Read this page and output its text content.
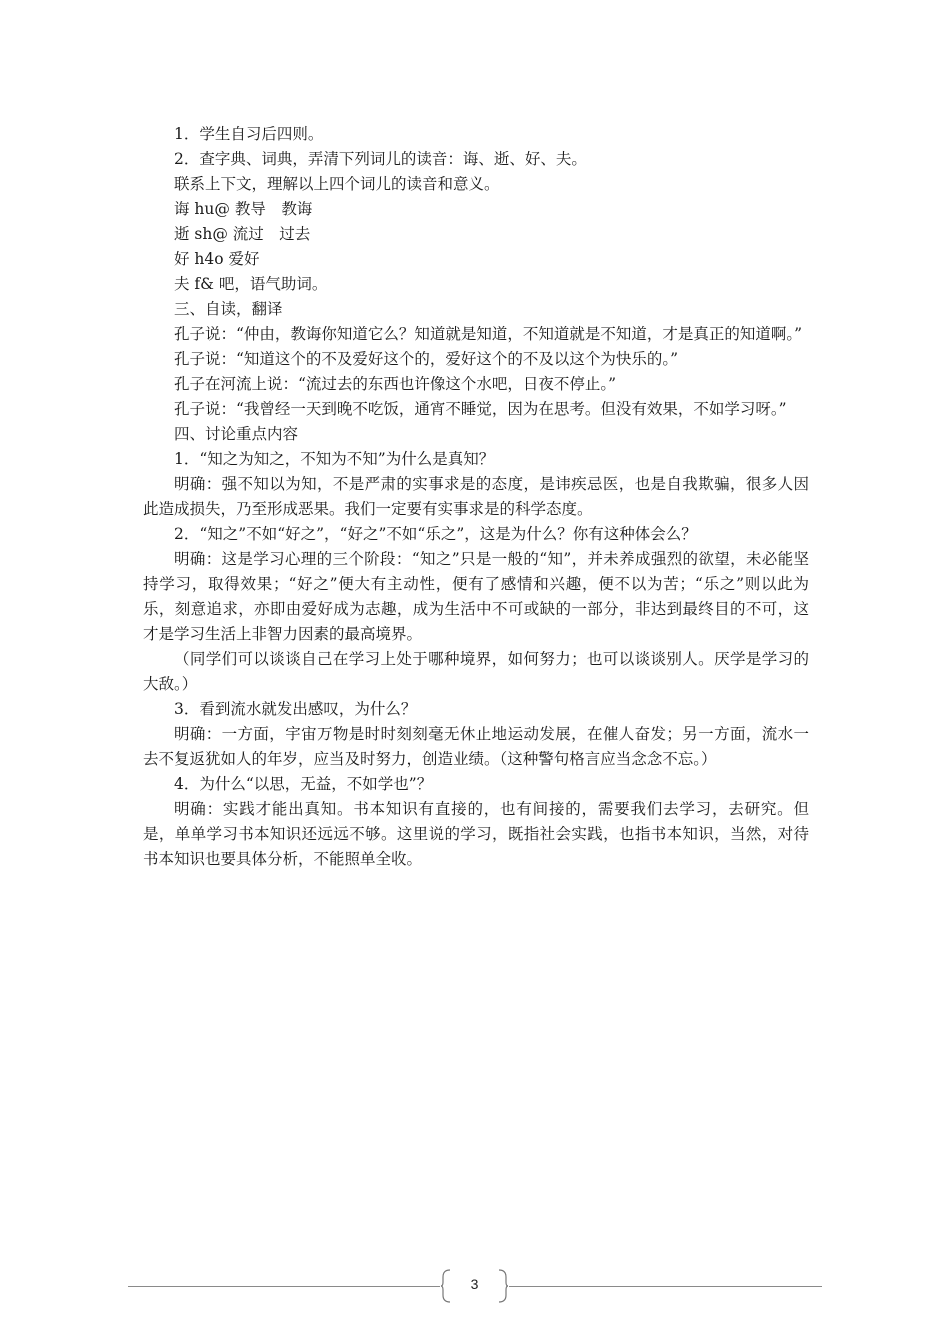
1．学生自习后四则。

2．查字典、词典，弄清下列词儿的读音：诲、逝、好、夫。

联系上下文，理解以上四个词儿的读音和意义。

诲 hu@ 教导　教诲

逝 sh@ 流过　过去

好 h4o 爱好

夫 f& 吧，语气助词。

三、自读，翻译

孔子说：“仲由，教诲你知道它么？知道就是知道，不知道就是不知道，才是真正的知道啊。”

孔子说：“知道这个的不及爱好这个的，爱好这个的不及以这个为快乐的。”

孔子在河流上说：“流过去的东西也许像这个水吧，日夜不停止。”

孔子说：“我曾经一天到晚不吃饭，通宵不睡觉，因为在思考。但没有效果，不如学习呀。”

四、讨论重点内容

1．“知之为知之，不知为不知”为什么是真知？

明确：强不知以为知，不是严肃的实事求是的态度，是讳疾忌医，也是自我欺骗，很多人因此造成损失，乃至形成恶果。我们一定要有实事求是的科学态度。

2．“知之”不如“好之”，“好之”不如“乐之”，这是为什么？你有这种体会么？

明确：这是学习心理的三个阶段：“知之”只是一般的“知”，并未养成强烈的欲望，未必能坚持学习，取得效果；“好之”便大有主动性，便有了感情和兴趣，便不以为苦；“乐之”则以此为乐，刻意追求，亦即由爱好成为志趣，成为生活中不可或缺的一部分，非达到最终目的不可，这才是学习生活上非智力因素的最高境界。

（同学们可以谈谈自己在学习上处于哪种境界，如何努力；也可以谈谈别人。厌学是学习的大敌。）

3．看到流水就发出感叹，为什么？

明确：一方面，宇宙万物是时时刻刻毫无休止地运动发展，在催人奋发；另一方面，流水一去不复返犹如人的年岁，应当及时努力，创造业绩。（这种警句格言应当念念不忘。）

4．为什么“以思，无益，不如学也”？

明确：实践才能出真知。书本知识有直接的，也有间接的，需要我们去学习，去研究。但是，单单学习书本知识还远远不够。这里说的学习，既指社会实践，也指书本知识，当然，对待书本知识也要具体分析，不能照单全收。

3
